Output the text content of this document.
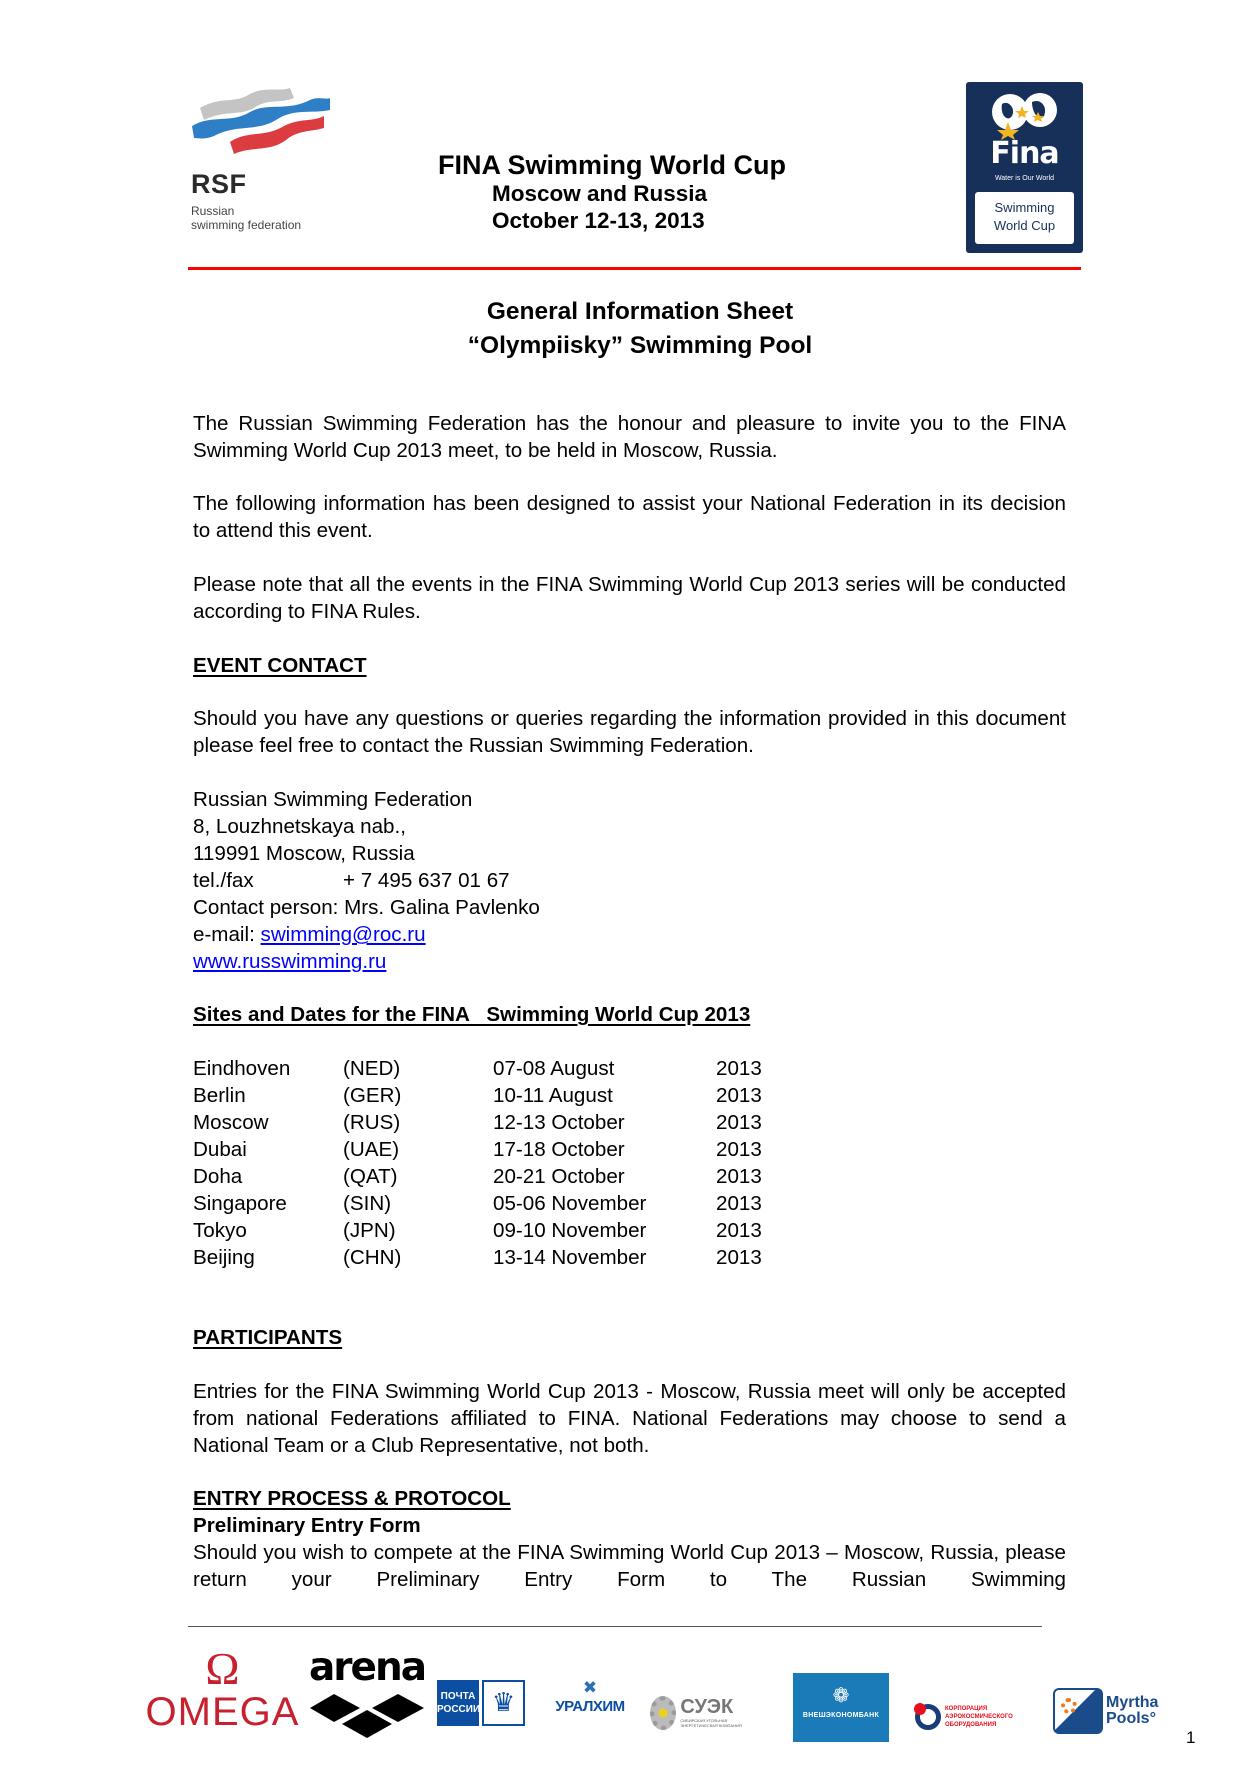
RSF
Russian
swimming federation
FINA Swimming World Cup
Moscow and Russia
October 12-13, 2013
Fina
Water is Our World
Swimming
World Cup
General Information Sheet
“Olympiisky” Swimming Pool
The Russian Swimming Federation has the honour and pleasure to invite you to the FINA Swimming World Cup 2013 meet, to be held in Moscow, Russia.
The following information has been designed to assist your National Federation in its decision to attend this event.
Please note that all the events in the FINA Swimming World Cup 2013 series will be conducted according to FINA Rules.
EVENT CONTACT
Should you have any questions or queries regarding the information provided in this document please feel free to contact the Russian Swimming Federation.
Russian Swimming Federation
8, Louzhnetskaya nab.,
119991 Moscow, Russia
tel./fax	+ 7 495 637 01 67
Contact person: Mrs. Galina Pavlenko
e-mail: swimming@roc.ru
www.russwimming.ru
Sites and Dates for the FINA   Swimming World Cup 2013
Eindhoven	(NED)	07-08 August	2013
Berlin	(GER)	10-11 August	2013
Moscow	(RUS)	12-13 October	2013
Dubai	(UAE)	17-18 October	2013
Doha	(QAT)	20-21 October	2013
Singapore	(SIN)	05-06 November	2013
Tokyo	(JPN)	09-10 November	2013
Beijing	(CHN)	13-14 November	2013
PARTICIPANTS
Entries for the FINA Swimming World Cup 2013 - Moscow, Russia meet will only be accepted from national Federations affiliated to FINA. National Federations may choose to send a National Team or a Club Representative, not both.
ENTRY PROCESS & PROTOCOL
Preliminary Entry Form
Should you wish to compete at the FINA Swimming World Cup 2013 – Moscow, Russia, please return your Preliminary Entry Form to The Russian Swimming
Ω
OMEGA
arena
ПОЧТА
РОССИИ ♛	✖
УРАЛХИМ	СУЭК
СИБИРСКАЯ УГОЛЬНАЯ ЭНЕРГЕТИЧЕСКАЯ КОМПАНИЯ
❁
ВНЕШЭКОНОМБАНК
КОРПОРАЦИЯ
АЭРОКОСМИЧЕСКОГО
ОБОРУДОВАНИЯ
Myrtha
Pools°
1
